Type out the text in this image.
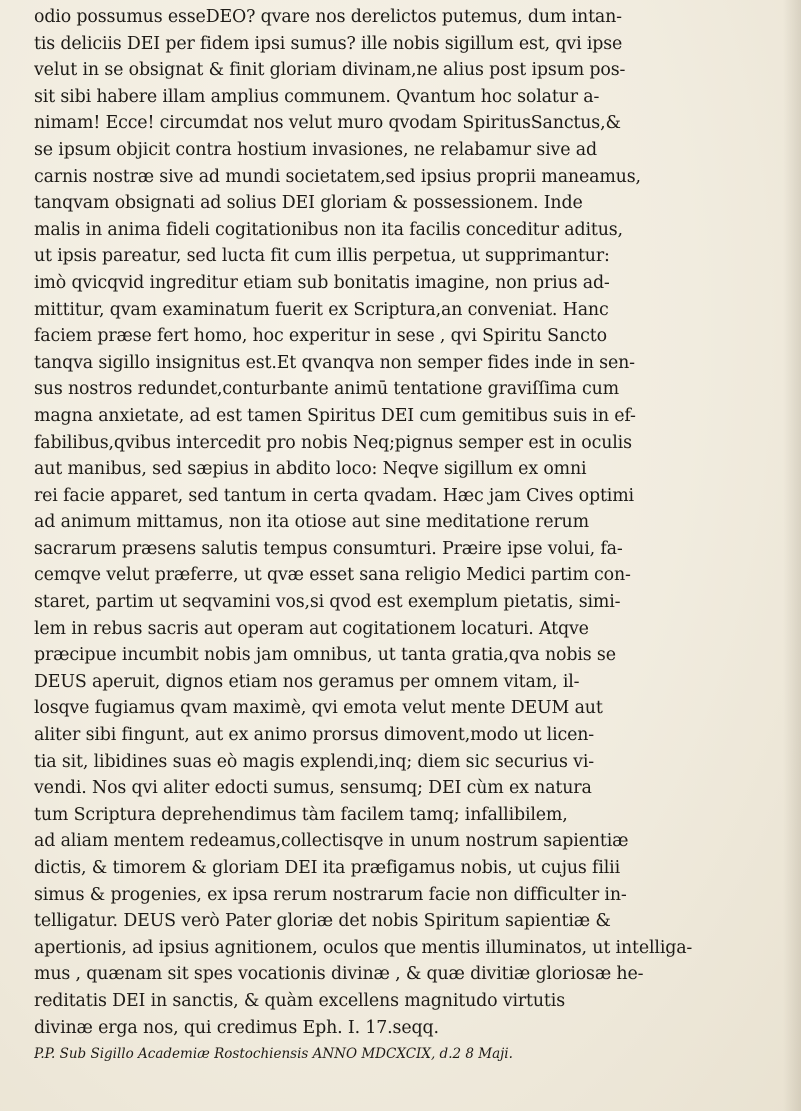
odio possumus esseDEO? qvare nos derelictos putemus, dum intan-
tis deliciis DEI per fidem ipsi sumus? ille nobis sigillum est, qvi ipse
velut in se obsignat & finit gloriam divinam,ne alius post ipsum pos-
sit sibi habere illam amplius communem. Qvantum hoc solatur a-
nimam! Ecce! circumdat nos velut muro qvodam SpiritusSanctus,&
se ipsum objicit contra hostium invasiones, ne relabamur sive ad
carnis nostræ sive ad mundi societatem,sed ipsius proprii maneamus,
tanqvam obsignati ad solius DEI gloriam & possessionem. Inde
malis in anima fideli cogitationibus non ita facilis conceditur aditus,
ut ipsis pareatur, sed lucta fit cum illis perpetua, ut supprimantur:
imò qvicqvid ingreditur etiam sub bonitatis imagine, non prius ad-
mittitur, qvam examinatum fuerit ex Scriptura,an conveniat. Hanc
faciem præse fert homo, hoc experitur in sese , qvi Spiritu Sancto
tanqva sigillo insignitus est.Et qvanqva non semper fides inde in sen-
sus nostros redundet,conturbante animū tentatione graviſſima cum
magna anxietate, ad est tamen Spiritus DEI cum gemitibus suis in ef-
fabilibus,qvibus intercedit pro nobis Neq;pignus semper est in oculis
aut manibus, sed sæpius in abdito loco: Neqve sigillum ex omni
rei facie apparet, sed tantum in certa qvadam. Hæc jam Cives optimi
ad animum mittamus, non ita otiose aut sine meditatione rerum
sacrarum præsens salutis tempus consumturi. Præire ipse volui, fa-
cemqve velut præferre, ut qvæ esset sana religio Medici partim con-
staret, partim ut seqvamini vos,si qvod est exemplum pietatis, simi-
lem in rebus sacris aut operam aut cogitationem locaturi. Atqve
præcipue incumbit nobis jam omnibus, ut tanta gratia,qva nobis se
DEUS aperuit, dignos etiam nos geramus per omnem vitam, il-
losqve fugiamus qvam maximè, qvi emota velut mente DEUM aut
aliter sibi fingunt, aut ex animo prorsus dimovent,modo ut licen-
tia sit, libidines suas eò magis explendi,inq; diem sic securius vi-
vendi. Nos qvi aliter edocti sumus, sensumq; DEI cùm ex natura
tum Scriptura deprehendimus tàm facilem tamq; infallibilem,
ad aliam mentem redeamus,collectisqve in unum nostrum sapientiæ
dictis, & timorem & gloriam DEI ita præfigamus nobis, ut cujus filii
simus & progenies, ex ipsa rerum nostrarum facie non difficulter in-
telligatur. DEUS verò Pater gloriæ det nobis Spiritum sapientiæ &
apertionis, ad ipsius agnitionem, oculos que mentis illuminatos, ut intelliga-
mus , quænam sit spes vocationis divinæ , & quæ divitiæ gloriosæ he-
reditatis DEI in sanctis, & quàm excellens magnitudo virtutis
divinæ erga nos, qui credimus Eph. I. 17.seqq.
P.P. Sub Sigillo Academiæ Rostochiensis ANNO MDCXCIX, d.2 8 Maji.
